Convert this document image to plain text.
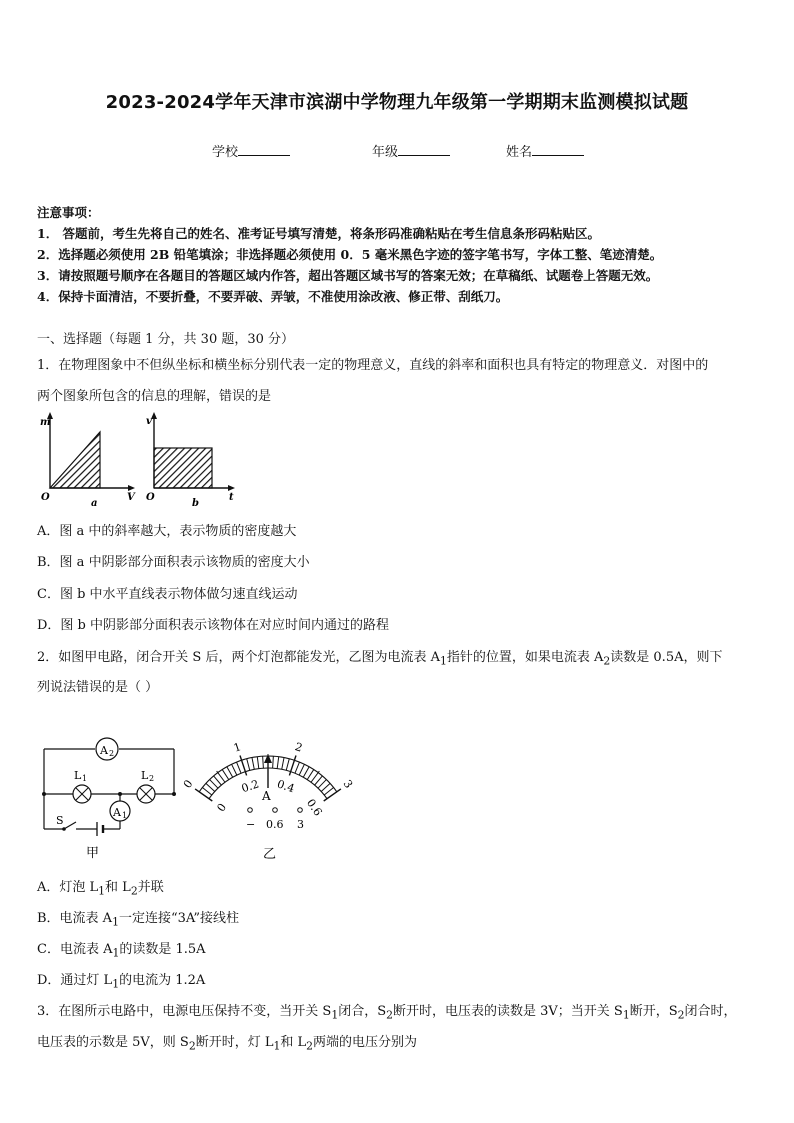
2023-2024学年天津市滨湖中学物理九年级第一学期期末监测模拟试题
学校	年级	姓名
注意事项：
1． 答题前，考生先将自己的姓名、准考证号填写清楚，将条形码准确粘贴在考生信息条形码粘贴区。
2．选择题必须使用 2B 铅笔填涂；非选择题必须使用 0．5 毫米黑色字迹的签字笔书写，字体工整、笔迹清楚。
3．请按照题号顺序在各题目的答题区域内作答，超出答题区域书写的答案无效；在草稿纸、试题卷上答题无效。
4．保持卡面清洁，不要折叠，不要弄破、弄皱，不准使用涂改液、修正带、刮纸刀。
一、选择题（每题 1 分，共 30 题，30 分）
1．在物理图象中不但纵坐标和横坐标分别代表一定的物理意义，直线的斜率和面积也具有特定的物理意义．对图中的
两个图象所包含的信息的理解，错误的是
m
V
O
a
v
t
O
b
A．图 a 中的斜率越大，表示物质的密度越大
B．图 a 中阴影部分面积表示该物质的密度大小
C．图 b 中水平直线表示物体做匀速直线运动
D．图 b 中阴影部分面积表示该物体在对应时间内通过的路程
2．如图甲电路，闭合开关 S 后，两个灯泡都能发光，乙图为电流表 $A_1$指针的位置，如果电流表 $A_2$读数是 0.5A，则下
列说法错误的是（ ）
A 2
L 1	L 2
A 1
S
甲
0
1	2
3
0
0.2 0.4
0.6
A
− 0.6 3
乙
A．灯泡 $L_1$和 $L_2$并联
B．电流表 $A_1$一定连接“3A”接线柱
C．电流表 $A_1$的读数是 1.5A
D．通过灯 $L_1$的电流为 1.2A
3．在图所示电路中，电源电压保持不变，当开关 $S_1$闭合，$S_2$断开时，电压表的读数是 3V；当开关 $S_1$断开，$S_2$闭合时，
电压表的示数是 5V，则 $S_2$断开时，灯 $L_1$和 $L_2$两端的电压分别为
